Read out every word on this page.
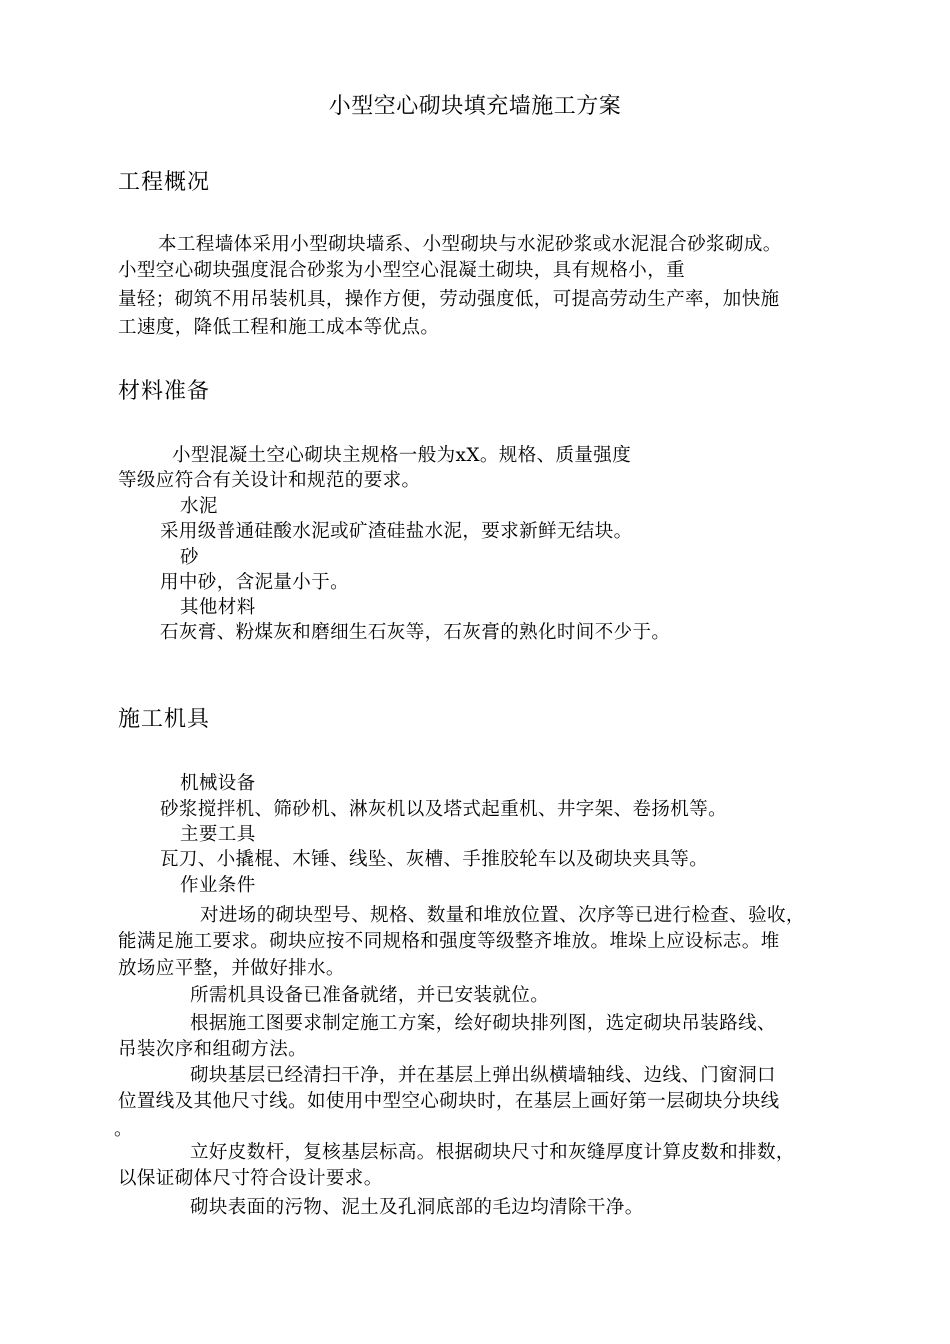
小型空心砌块填充墙施工方案
工程概况
本工程墙体采用小型砌块墙系、小型砌块与水泥砂浆或水泥混合砂浆砌成。
小型空心砌块强度混合砂浆为小型空心混凝土砌块，具有规格小，重
量轻；砌筑不用吊装机具，操作方便，劳动强度低，可提高劳动生产率，加快施
工速度，降低工程和施工成本等优点。
材料准备
小型混凝土空心砌块主规格一般为xX。规格、质量强度
等级应符合有关设计和规范的要求。
水泥
采用级普通硅酸水泥或矿渣硅盐水泥，要求新鲜无结块。
砂
用中砂，含泥量小于。
其他材料
石灰膏、粉煤灰和磨细生石灰等，石灰膏的熟化时间不少于。
施工机具
机械设备
砂浆搅拌机、筛砂机、淋灰机以及塔式起重机、井字架、卷扬机等。
主要工具
瓦刀、小撬棍、木锤、线坠、灰槽、手推胶轮车以及砌块夹具等。
作业条件
对进场的砌块型号、规格、数量和堆放位置、次序等已进行检查、验收，
能满足施工要求。砌块应按不同规格和强度等级整齐堆放。堆垛上应设标志。堆
放场应平整，并做好排水。
所需机具设备已准备就绪，并已安装就位。
根据施工图要求制定施工方案，绘好砌块排列图，选定砌块吊装路线、
吊装次序和组砌方法。
砌块基层已经清扫干净，并在基层上弹出纵横墙轴线、边线、门窗洞口
位置线及其他尺寸线。如使用中型空心砌块时，在基层上画好第一层砌块分块线
。
立好皮数杆，复核基层标高。根据砌块尺寸和灰缝厚度计算皮数和排数，
以保证砌体尺寸符合设计要求。
砌块表面的污物、泥土及孔洞底部的毛边均清除干净。
